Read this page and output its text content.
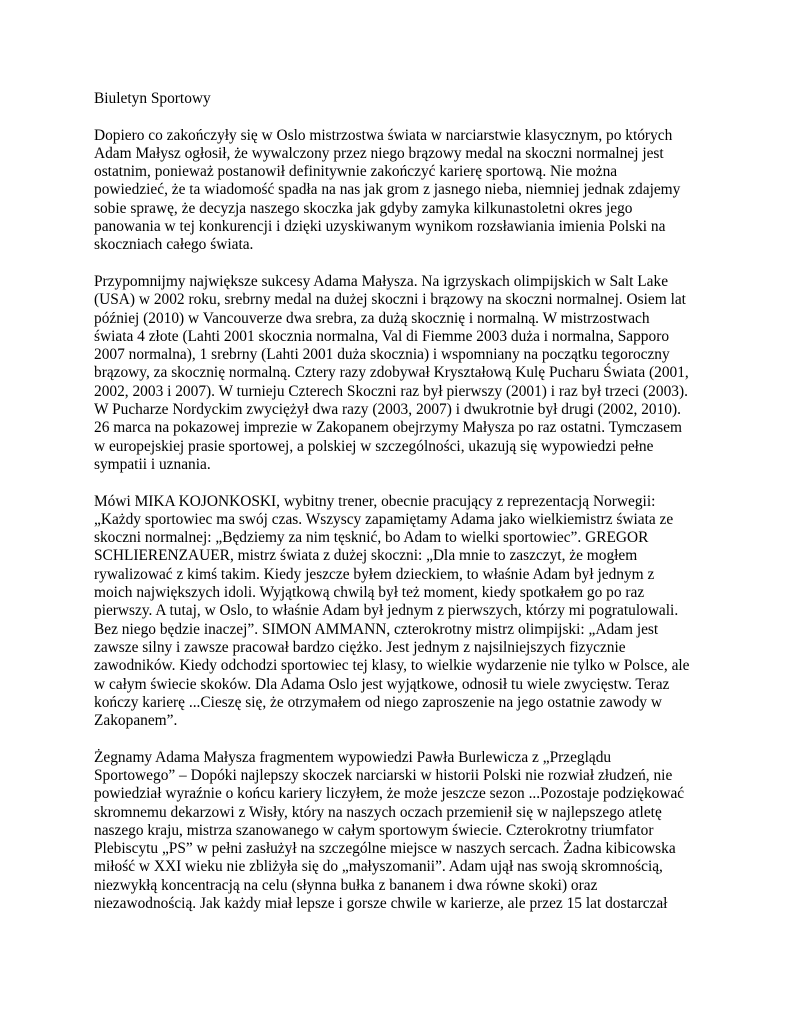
Biuletyn Sportowy
Dopiero co zakończyły się w Oslo mistrzostwa świata w narciarstwie klasycznym, po których
Adam Małysz ogłosił, że wywalczony przez niego brązowy medal na skoczni normalnej jest
ostatnim, ponieważ postanowił definitywnie zakończyć karierę sportową. Nie można
powiedzieć, że ta wiadomość spadła na nas jak grom z jasnego nieba, niemniej jednak zdajemy
sobie sprawę, że decyzja naszego skoczka jak gdyby zamyka kilkunastoletni okres jego
panowania w tej konkurencji i dzięki uzyskiwanym wynikom rozsławiania imienia Polski na
skoczniach całego świata.
Przypomnijmy największe sukcesy Adama Małysza. Na igrzyskach olimpijskich w Salt Lake
(USA) w 2002 roku, srebrny medal na dużej skoczni i brązowy na skoczni normalnej. Osiem lat
później (2010) w Vancouverze dwa srebra, za dużą skocznię i normalną. W mistrzostwach
świata 4 złote (Lahti 2001 skocznia normalna, Val di Fiemme 2003 duża i normalna, Sapporo
2007 normalna), 1 srebrny (Lahti 2001 duża skocznia) i wspomniany na początku tegoroczny
brązowy, za skocznię normalną. Cztery razy zdobywał Kryształową Kulę Pucharu Świata (2001,
2002, 2003 i 2007). W turnieju Czterech Skoczni raz był pierwszy (2001) i raz był trzeci (2003).
W Pucharze Nordyckim zwyciężył dwa razy (2003, 2007) i dwukrotnie był drugi (2002, 2010).
26 marca na pokazowej imprezie w Zakopanem obejrzymy Małysza po raz ostatni. Tymczasem
w europejskiej prasie sportowej, a polskiej w szczególności, ukazują się wypowiedzi pełne
sympatii i uznania.
Mówi MIKA KOJONKOSKI, wybitny trener, obecnie pracujący z reprezentacją Norwegii:
„Każdy sportowiec ma swój czas. Wszyscy zapamiętamy Adama jako wielkiemistrz świata ze
skoczni normalnej: „Będziemy za nim tęsknić, bo Adam to wielki sportowiec”. GREGOR
SCHLIERENZAUER, mistrz świata z dużej skoczni: „Dla mnie to zaszczyt, że mogłem
rywalizować z kimś takim. Kiedy jeszcze byłem dzieckiem, to właśnie Adam był jednym z
moich największych idoli. Wyjątkową chwilą był też moment, kiedy spotkałem go po raz
pierwszy. A tutaj, w Oslo, to właśnie Adam był jednym z pierwszych, którzy mi pogratulowali.
Bez niego będzie inaczej”. SIMON AMMANN, czterokrotny mistrz olimpijski: „Adam jest
zawsze silny i zawsze pracował bardzo ciężko. Jest jednym z najsilniejszych fizycznie
zawodników. Kiedy odchodzi sportowiec tej klasy, to wielkie wydarzenie nie tylko w Polsce, ale
w całym świecie skoków. Dla Adama Oslo jest wyjątkowe, odnosił tu wiele zwycięstw. Teraz
kończy karierę ...Cieszę się, że otrzymałem od niego zaproszenie na jego ostatnie zawody w
Zakopanem”.
Żegnamy Adama Małysza fragmentem wypowiedzi Pawła Burlewicza z „Przeglądu
Sportowego” – Dopóki najlepszy skoczek narciarski w historii Polski nie rozwiał złudzeń, nie
powiedział wyraźnie o końcu kariery liczyłem, że może jeszcze sezon ...Pozostaje podziękować
skromnemu dekarzowi z Wisły, który na naszych oczach przemienił się w najlepszego atletę
naszego kraju, mistrza szanowanego w całym sportowym świecie. Czterokrotny triumfator
Plebiscytu „PS” w pełni zasłużył na szczególne miejsce w naszych sercach. Żadna kibicowska
miłość w XXI wieku nie zbliżyła się do „małyszomanii”. Adam ujął nas swoją skromnością,
niezwykłą koncentracją na celu (słynna bułka z bananem i dwa równe skoki) oraz
niezawodnością. Jak każdy miał lepsze i gorsze chwile w karierze, ale przez 15 lat dostarczał
